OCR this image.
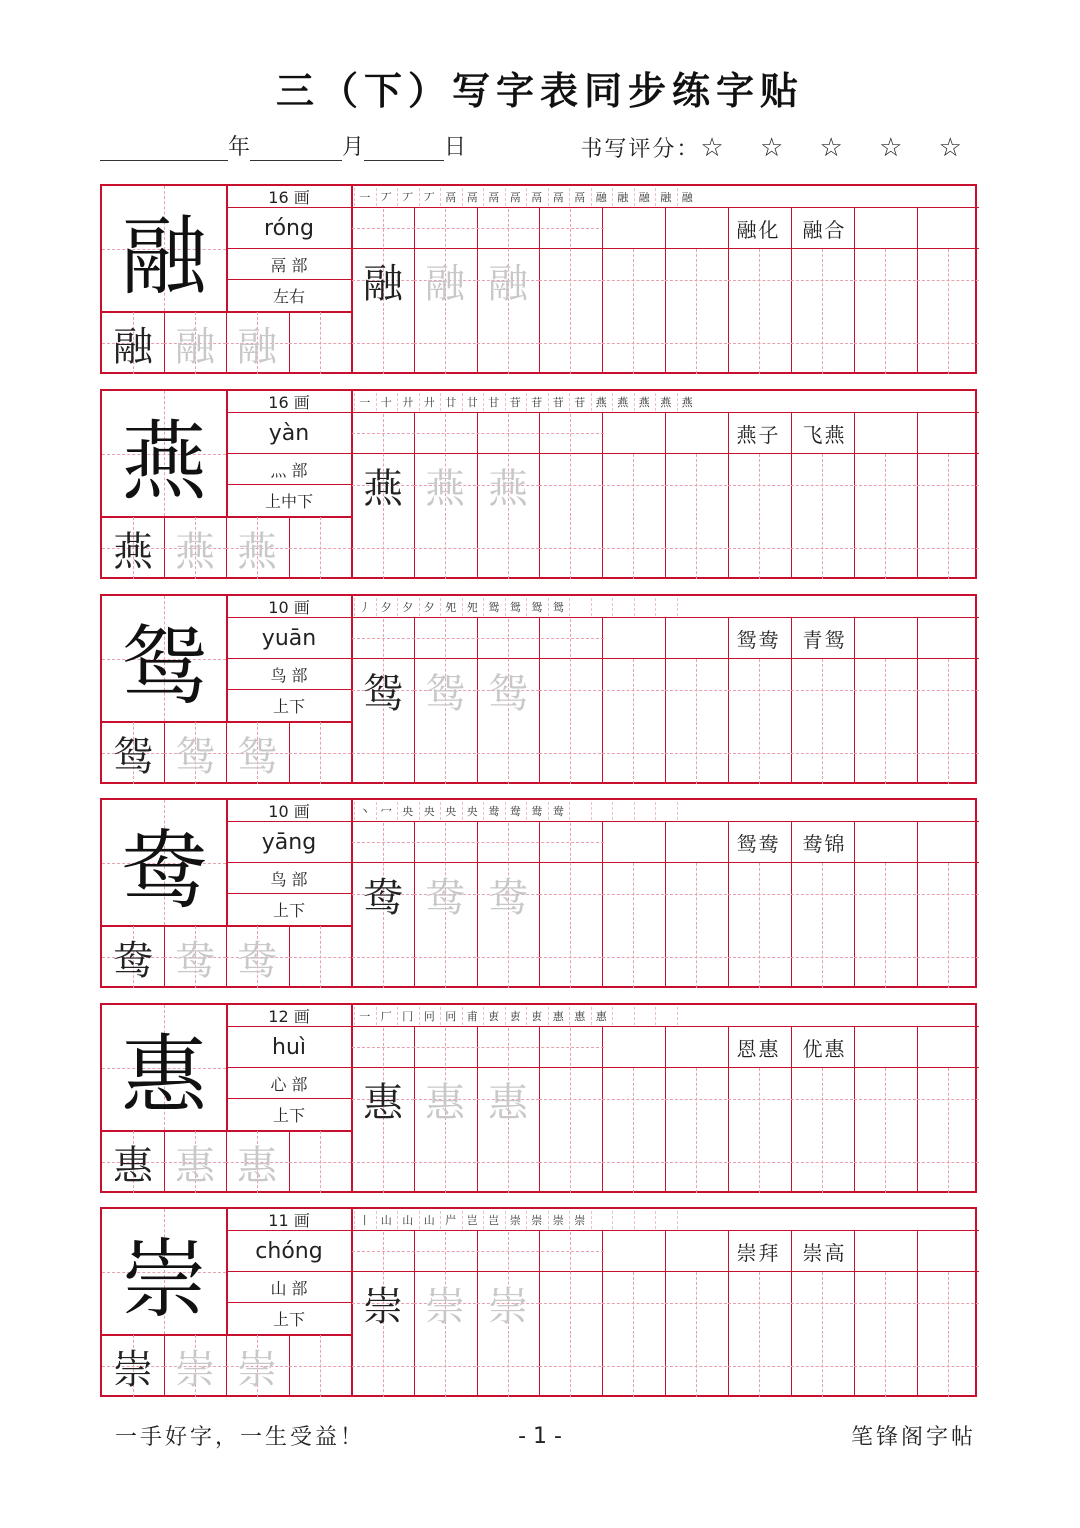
三（下）写字表同步练字贴
年	月	日	书写评分：☆ ☆ ☆ ☆ ☆
融
16 画
róng
鬲 部
左右
一 丆 丆 丆 鬲 鬲 鬲 鬲 鬲 鬲 鬲 融 融 融 融 融
融化　融合
融 融 融
融 融 融
燕
16 画
yàn
灬 部
上中下
一 十 廾 廾 廿 廿 甘 苷 苷 苷 苷 燕 燕 燕 燕 燕
燕子　飞燕
燕 燕 燕
燕 燕 燕
鸳
10 画
yuān
鸟 部
上下
丿 夕 夕 夕 夗 夗 鸳 鸳 鸳 鸳
鸳鸯　青鸳
鸳 鸳 鸳
鸳 鸳 鸳
鸯
10 画
yāng
鸟 部
上下
丶 冖 央 央 央 央 鸯 鸯 鸯 鸯
鸳鸯　鸯锦
鸯 鸯 鸯
鸯 鸯 鸯
惠
12 画
huì
心 部
上下
一 厂 冂 冋 冋 甫 叀 叀 叀 惠 惠 惠
恩惠　优惠
惠 惠 惠
惠 惠 惠
崇
11 画
chóng
山 部
上下
丨 山 山 山 屵 岂 岂 崇 崇 崇 崇
崇拜　崇高
崇 崇 崇
崇 崇 崇
一手好字，一生受益！	- 1 -	笔锋阁字帖
